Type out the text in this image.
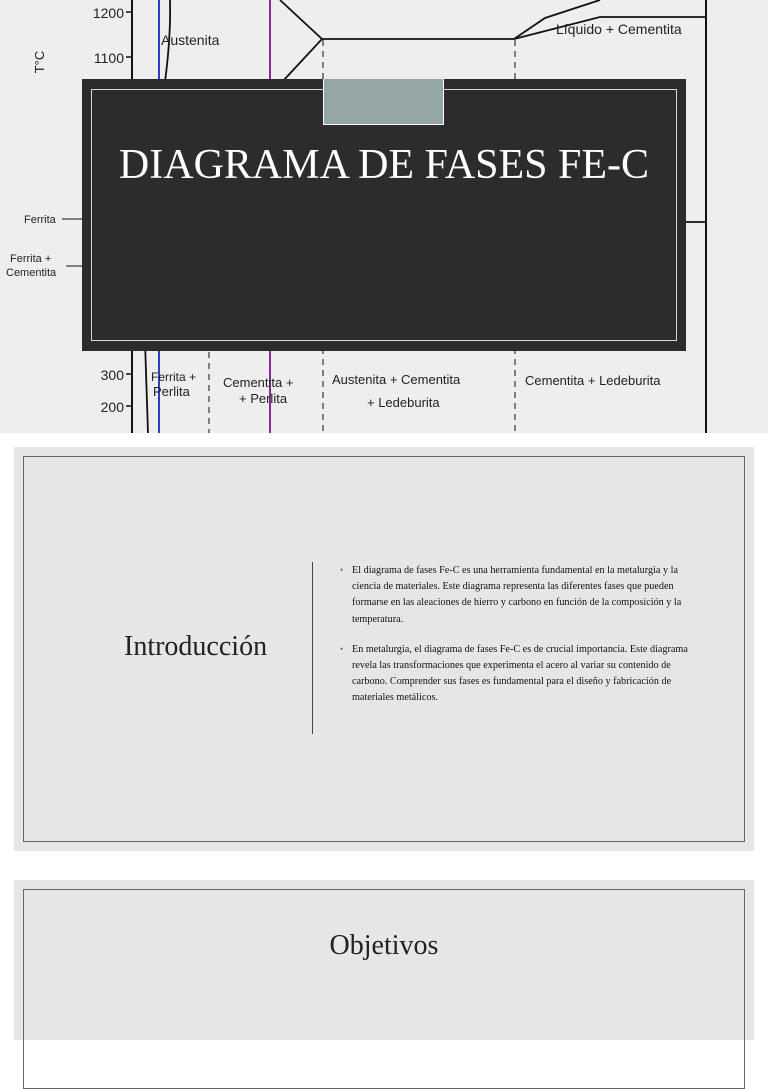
1200
1100
300
200
T°C
Austenita
Líquido + Cementita
Ferrita
Ferrita +
Cementita
Ferrita +
Perlita
Cementita +
+ Perlita
Austenita + Cementita
+ Ledeburita
Cementita + Ledeburita
DIAGRAMA DE FASES FE-C
Introducción
• El diagrama de fases Fe-C es una herramienta fundamental en la metalurgia y la ciencia de materiales. Este diagrama representa las diferentes fases que pueden formarse en las aleaciones de hierro y carbono en función de la composición y la temperatura.
• En metalurgia, el diagrama de fases Fe-C es de crucial importancia. Este diagrama revela las transformaciones que experimenta el acero al variar su contenido de carbono. Comprender sus fases es fundamental para el diseño y fabricación de materiales metálicos.
Objetivos
